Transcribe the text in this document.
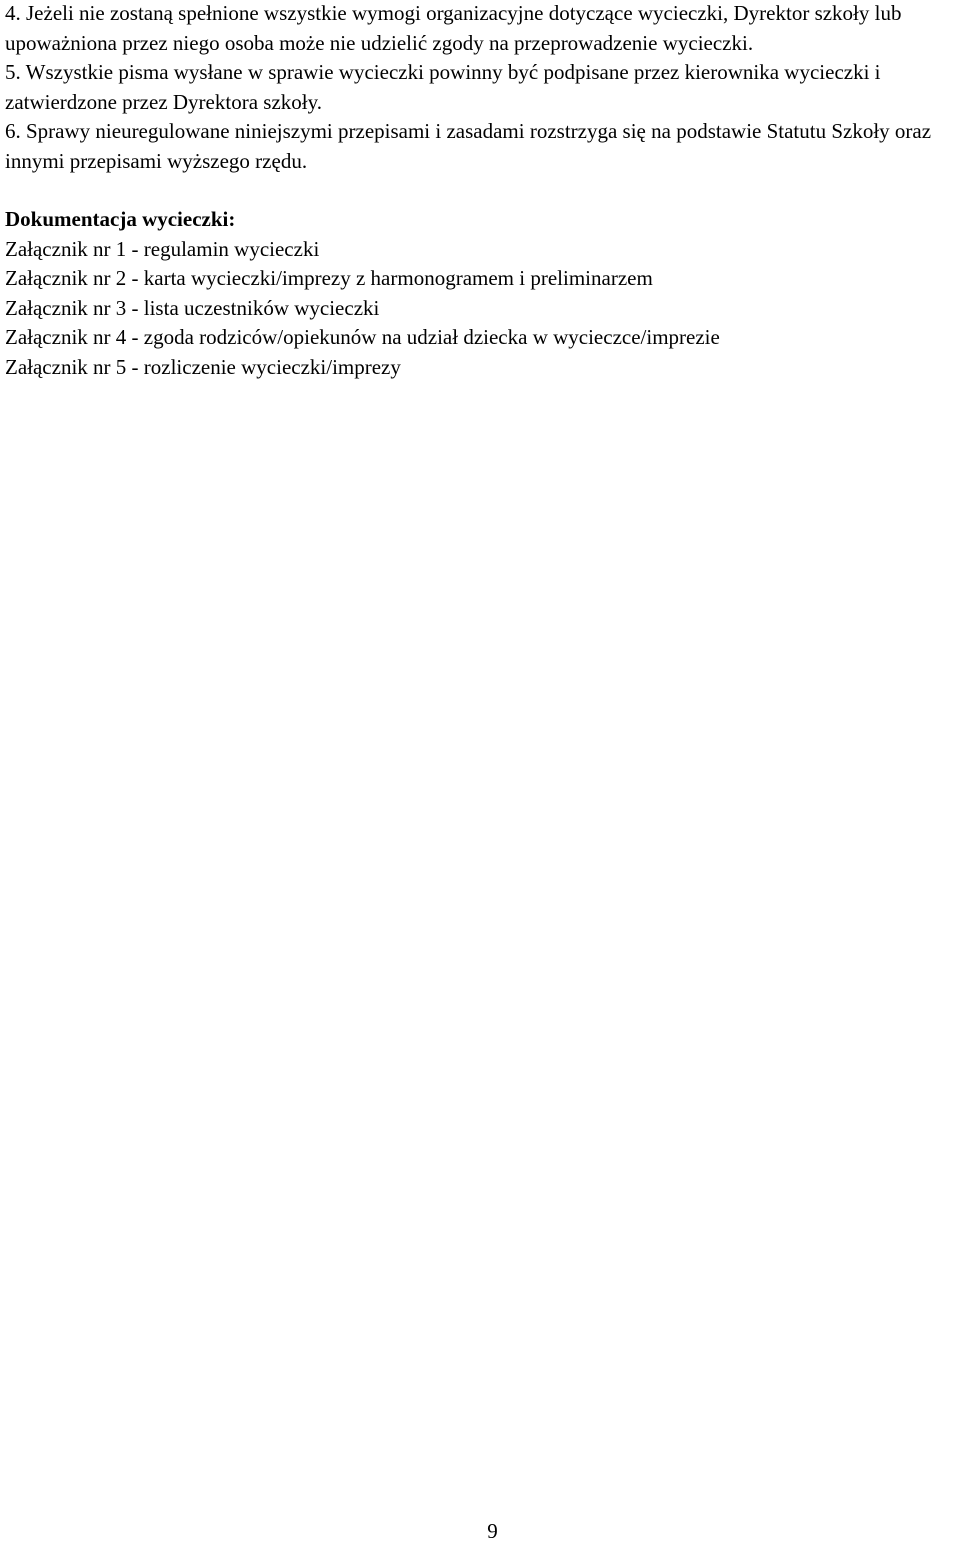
4. Jeżeli nie zostaną spełnione wszystkie wymogi organizacyjne dotyczące wycieczki, Dyrektor szkoły lub upoważniona przez niego osoba może nie udzielić zgody na przeprowadzenie wycieczki.

5. Wszystkie pisma wysłane w sprawie wycieczki powinny być podpisane przez kierownika wycieczki i zatwierdzone przez Dyrektora szkoły.

6. Sprawy nieuregulowane niniejszymi przepisami i zasadami rozstrzyga się na podstawie Statutu Szkoły oraz innymi przepisami wyższego rzędu.

Dokumentacja wycieczki:

Załącznik nr 1 - regulamin wycieczki
Załącznik nr 2 - karta wycieczki/imprezy z harmonogramem i preliminarzem
Załącznik nr 3 - lista uczestników wycieczki
Załącznik nr 4 - zgoda rodziców/opiekunów na udział dziecka w wycieczce/imprezie
Załącznik nr 5 - rozliczenie wycieczki/imprezy
9
